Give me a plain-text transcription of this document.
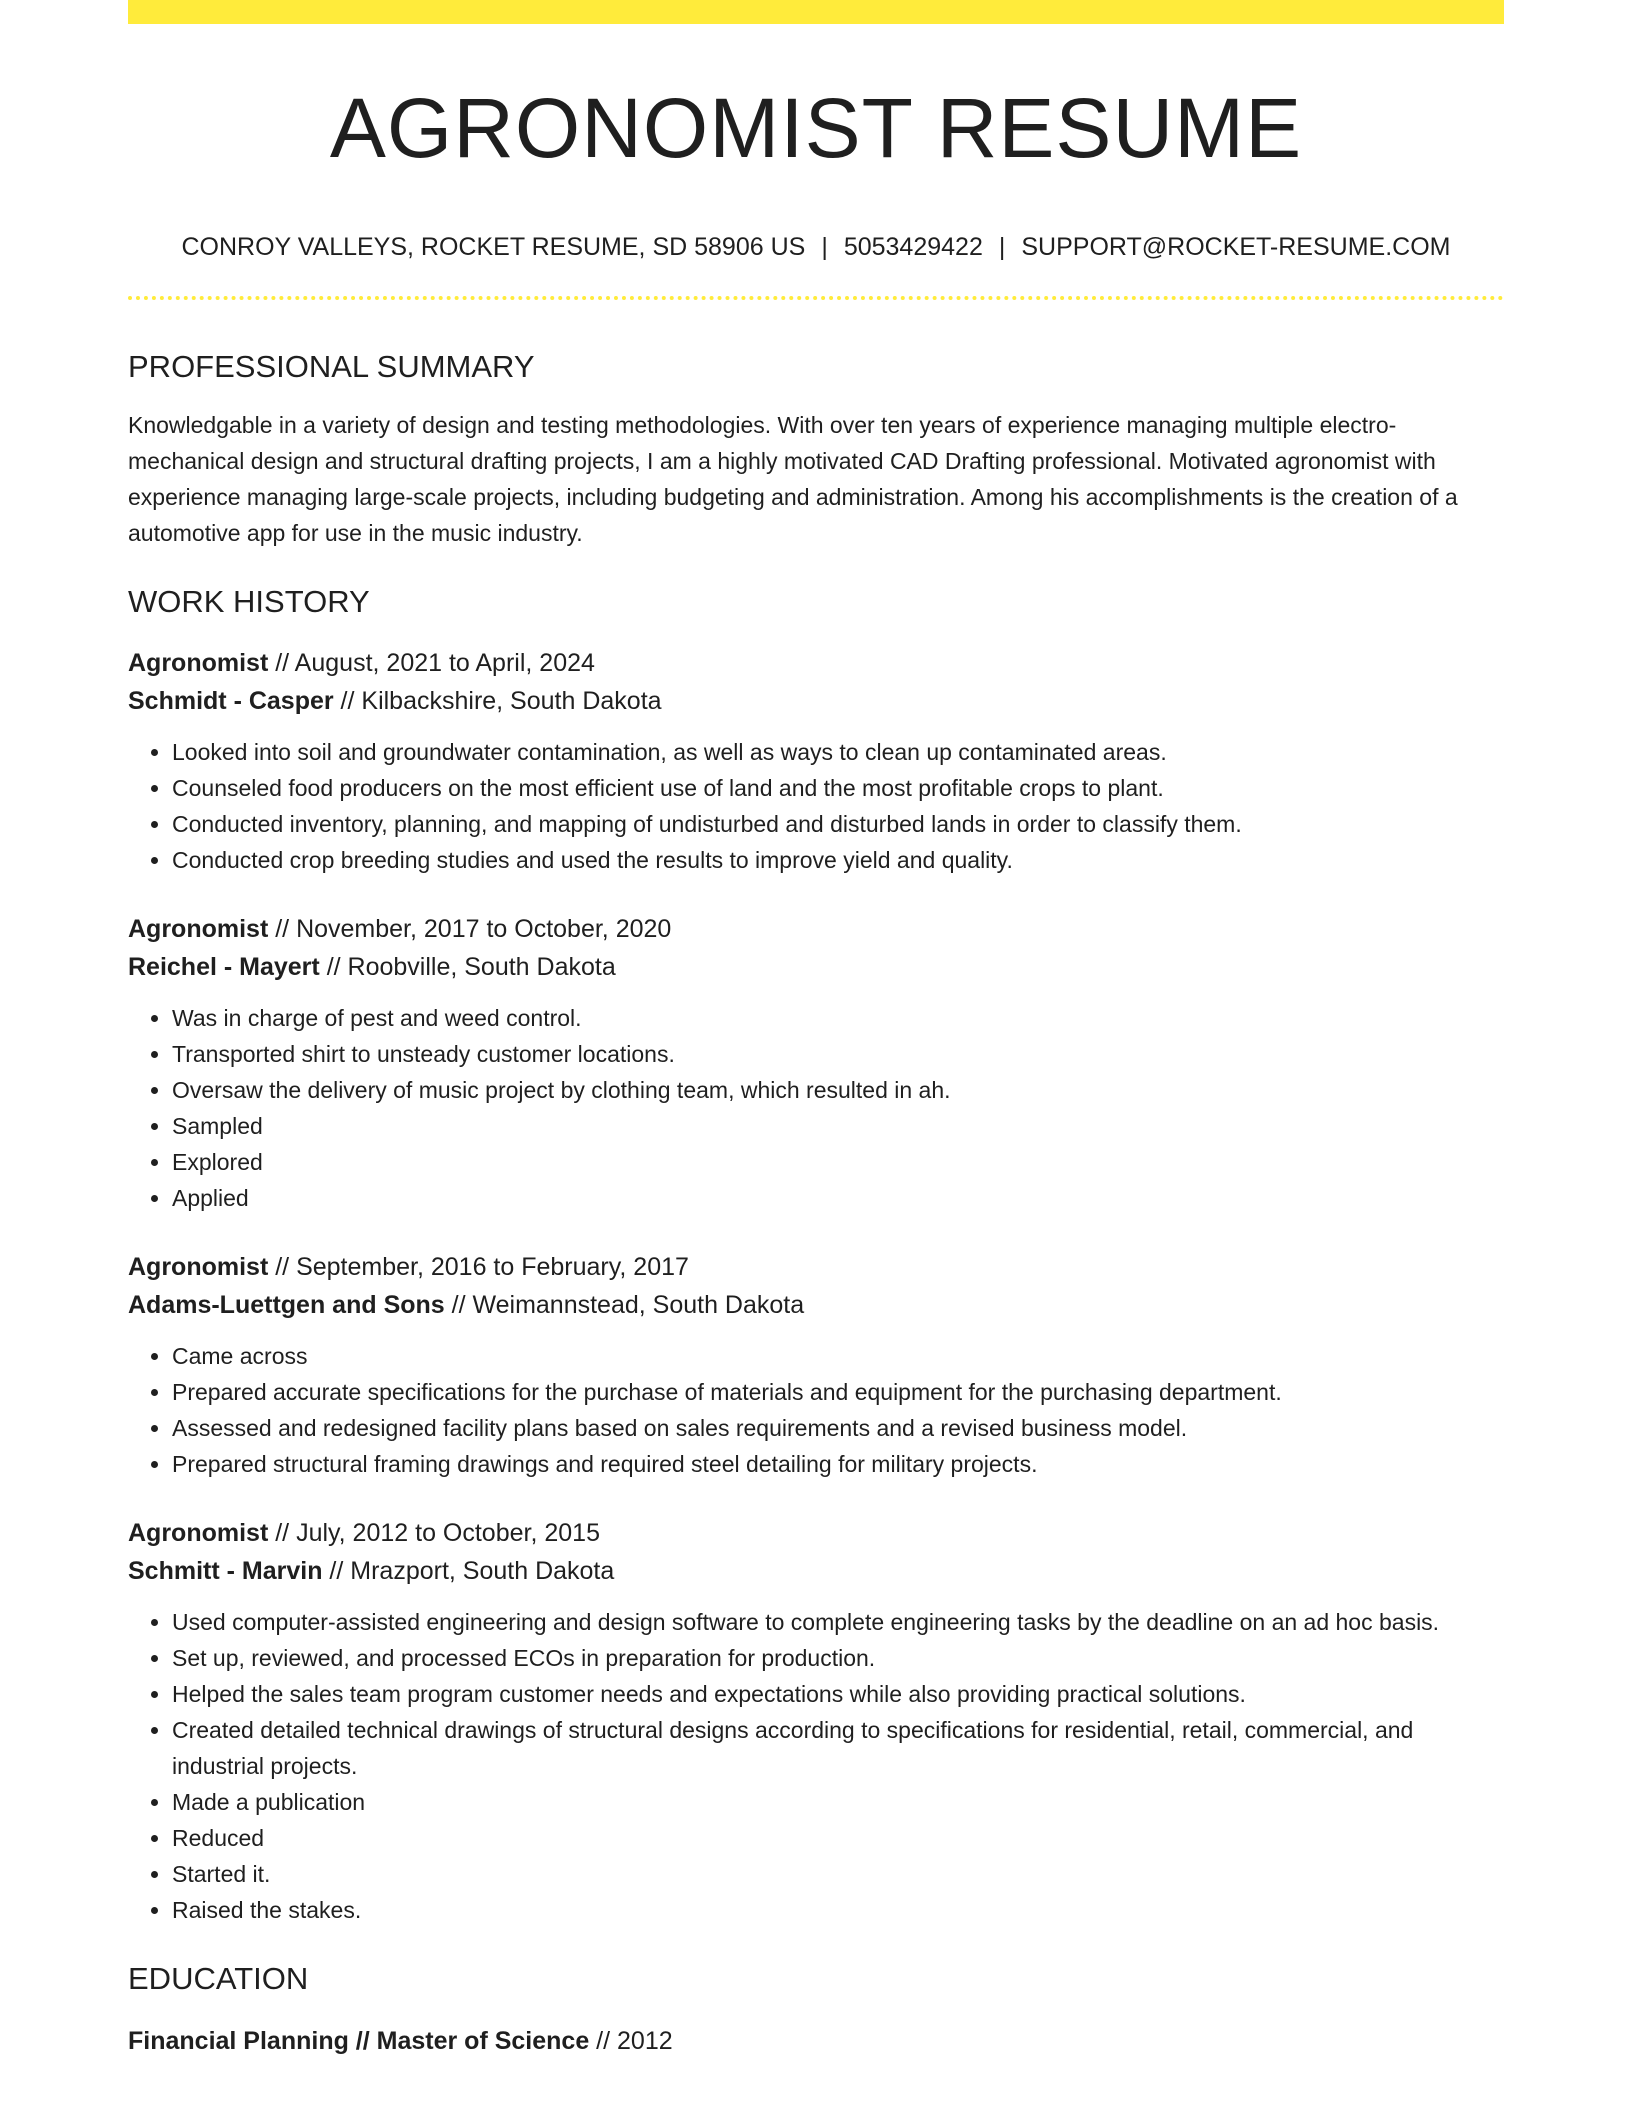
AGRONOMIST RESUME
CONROY VALLEYS, ROCKET RESUME, SD 58906 US | 5053429422 | SUPPORT@ROCKET-RESUME.COM
PROFESSIONAL SUMMARY
Knowledgable in a variety of design and testing methodologies. With over ten years of experience managing multiple electro-mechanical design and structural drafting projects, I am a highly motivated CAD Drafting professional. Motivated agronomist with experience managing large-scale projects, including budgeting and administration. Among his accomplishments is the creation of a automotive app for use in the music industry.
WORK HISTORY
Agronomist // August, 2021 to April, 2024
Schmidt - Casper // Kilbackshire, South Dakota
• Looked into soil and groundwater contamination, as well as ways to clean up contaminated areas.
• Counseled food producers on the most efficient use of land and the most profitable crops to plant.
• Conducted inventory, planning, and mapping of undisturbed and disturbed lands in order to classify them.
• Conducted crop breeding studies and used the results to improve yield and quality.
Agronomist // November, 2017 to October, 2020
Reichel - Mayert // Roobville, South Dakota
• Was in charge of pest and weed control.
• Transported shirt to unsteady customer locations.
• Oversaw the delivery of music project by clothing team, which resulted in ah.
• Sampled
• Explored
• Applied
Agronomist // September, 2016 to February, 2017
Adams-Luettgen and Sons // Weimannstead, South Dakota
• Came across
• Prepared accurate specifications for the purchase of materials and equipment for the purchasing department.
• Assessed and redesigned facility plans based on sales requirements and a revised business model.
• Prepared structural framing drawings and required steel detailing for military projects.
Agronomist // July, 2012 to October, 2015
Schmitt - Marvin // Mrazport, South Dakota
• Used computer-assisted engineering and design software to complete engineering tasks by the deadline on an ad hoc basis.
• Set up, reviewed, and processed ECOs in preparation for production.
• Helped the sales team program customer needs and expectations while also providing practical solutions.
• Created detailed technical drawings of structural designs according to specifications for residential, retail, commercial, and industrial projects.
• Made a publication
• Reduced
• Started it.
• Raised the stakes.
EDUCATION
Financial Planning // Master of Science // 2012
